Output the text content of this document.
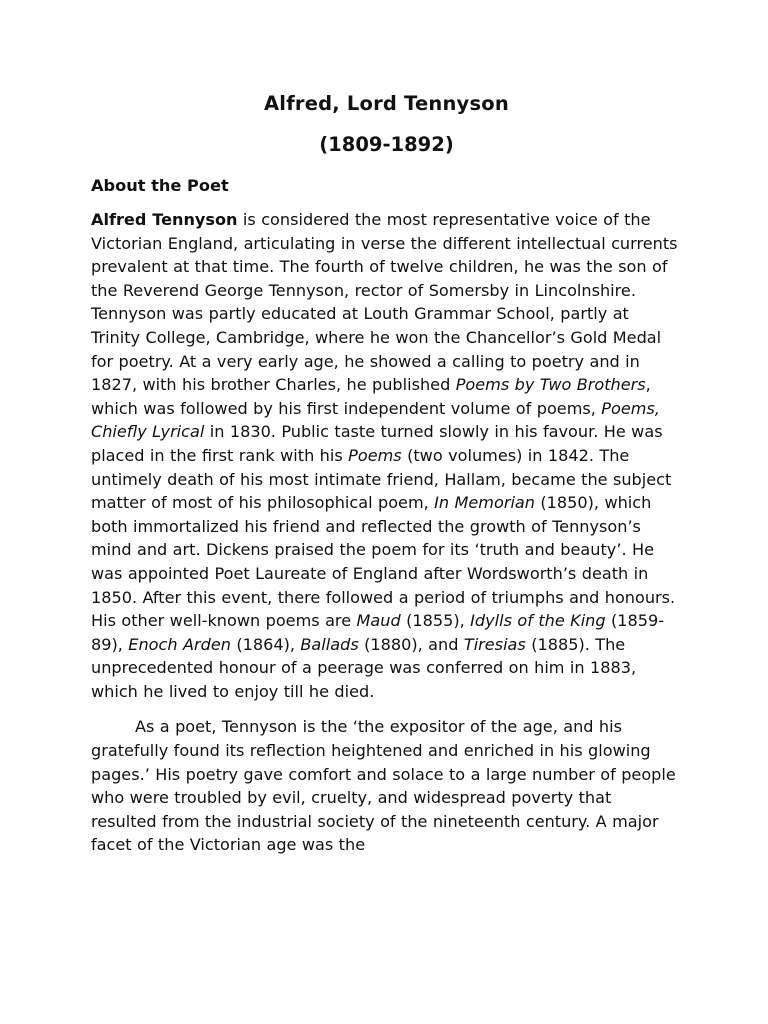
Alfred, Lord Tennyson
(1809-1892)
About the Poet

Alfred Tennyson is considered the most representative voice of the Victorian England, articulating in verse the different intellectual currents prevalent at that time. The fourth of twelve children, he was the son of the Reverend George Tennyson, rector of Somersby in Lincolnshire. Tennyson was partly educated at Louth Grammar School, partly at Trinity College, Cambridge, where he won the Chancellor’s Gold Medal for poetry. At a very early age, he showed a calling to poetry and in 1827, with his brother Charles, he published Poems by Two Brothers, which was followed by his first independent volume of poems, Poems, Chiefly Lyrical in 1830. Public taste turned slowly in his favour. He was placed in the first rank with his Poems (two volumes) in 1842. The untimely death of his most intimate friend, Hallam, became the subject matter of most of his philosophical poem, In Memorian (1850), which both immortalized his friend and reflected the growth of Tennyson’s mind and art. Dickens praised the poem for its ‘truth and beauty’. He was appointed Poet Laureate of England after Wordsworth’s death in 1850. After this event, there followed a period of triumphs and honours. His other well-known poems are Maud (1855), Idylls of the King (1859-89), Enoch Arden (1864), Ballads (1880), and Tiresias (1885). The unprecedented honour of a peerage was conferred on him in 1883, which he lived to enjoy till he died.

As a poet, Tennyson is the ‘the expositor of the age, and his gratefully found its reflection heightened and enriched in his glowing pages.’ His poetry gave comfort and solace to a large number of people who were troubled by evil, cruelty, and widespread poverty that resulted from the industrial society of the nineteenth century. A major facet of the Victorian age was the
